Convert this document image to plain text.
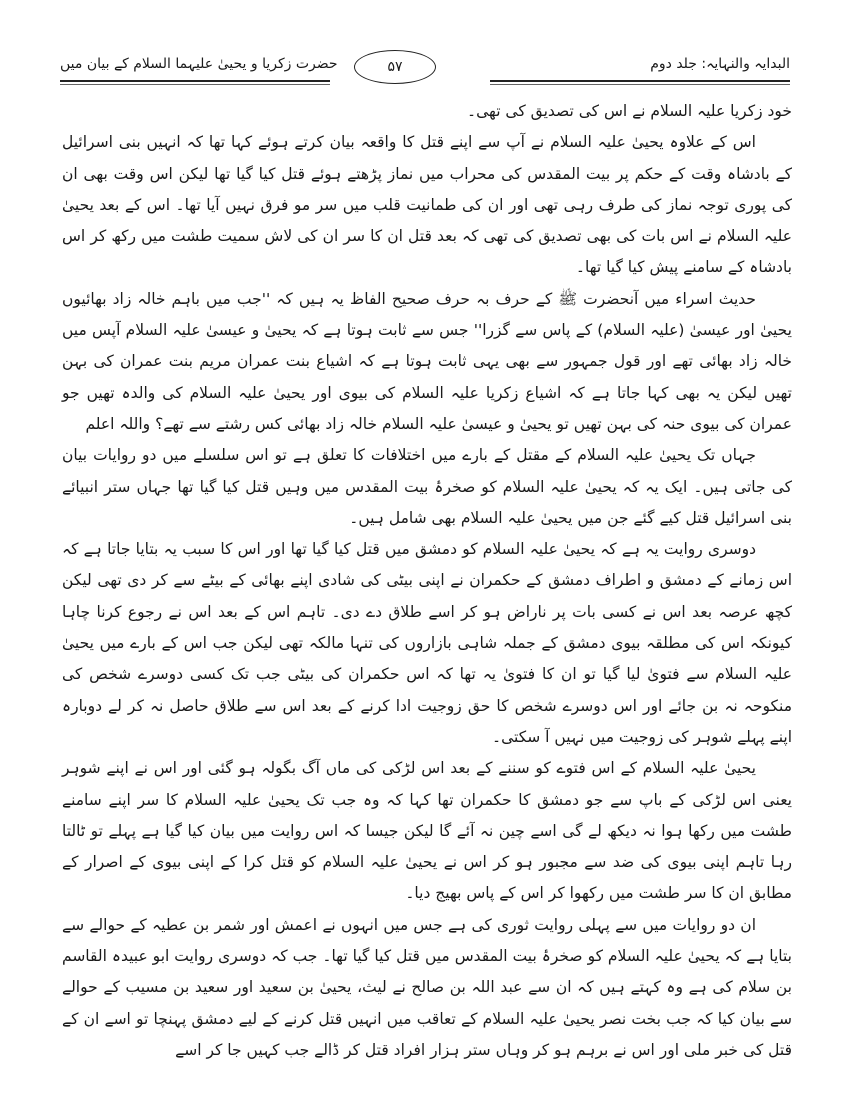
البدایہ والنہایہ: جلد دوم
حضرت زکریا و یحییٰ علیہما السلام کے بیان میں	۵۷

خود زکریا علیہ السلام نے اس کی تصدیق کی تھی۔

اس کے علاوہ یحییٰ علیہ السلام نے آپ سے اپنے قتل کا واقعہ بیان کرتے ہوئے کہا تھا کہ انہیں بنی اسرائیل کے بادشاہ وقت کے حکم پر بیت المقدس کی محراب میں نماز پڑھتے ہوئے قتل کیا گیا تھا لیکن اس وقت بھی ان کی پوری توجہ نماز کی طرف رہی تھی اور ان کی طمانیت قلب میں سر مو فرق نہیں آیا تھا۔ اس کے بعد یحییٰ علیہ السلام نے اس بات کی بھی تصدیق کی تھی کہ بعد قتل ان کا سر ان کی لاش سمیت طشت میں رکھ کر اس بادشاہ کے سامنے پیش کیا گیا تھا۔

حدیث اسراء میں آنحضرت ﷺ کے حرف بہ حرف صحیح الفاظ یہ ہیں کہ ''جب میں باہم خالہ زاد بھائیوں یحییٰ اور عیسیٰ (علیہ السلام) کے پاس سے گزرا'' جس سے ثابت ہوتا ہے کہ یحییٰ و عیسیٰ علیہ السلام آپس میں خالہ زاد بھائی تھے اور قول جمہور سے بھی یہی ثابت ہوتا ہے کہ اشیاع بنت عمران مریم بنت عمران کی بہن تھیں لیکن یہ بھی کہا جاتا ہے کہ اشیاع زکریا علیہ السلام کی بیوی اور یحییٰ علیہ السلام کی والدہ تھیں جو عمران کی بیوی حنہ کی بہن تھیں تو یحییٰ و عیسیٰ علیہ السلام خالہ زاد بھائی کس رشتے سے تھے؟ واللہ اعلم

جہاں تک یحییٰ علیہ السلام کے مقتل کے بارے میں اختلافات کا تعلق ہے تو اس سلسلے میں دو روایات بیان کی جاتی ہیں۔ ایک یہ کہ یحییٰ علیہ السلام کو صخرۂ بیت المقدس میں وہیں قتل کیا گیا تھا جہاں ستر انبیائے بنی اسرائیل قتل کیے گئے جن میں یحییٰ علیہ السلام بھی شامل ہیں۔

دوسری روایت یہ ہے کہ یحییٰ علیہ السلام کو دمشق میں قتل کیا گیا تھا اور اس کا سبب یہ بتایا جاتا ہے کہ اس زمانے کے دمشق و اطراف دمشق کے حکمران نے اپنی بیٹی کی شادی اپنے بھائی کے بیٹے سے کر دی تھی لیکن کچھ عرصہ بعد اس نے کسی بات پر ناراض ہو کر اسے طلاق دے دی۔ تاہم اس کے بعد اس نے رجوع کرنا چاہا کیونکہ اس کی مطلقہ بیوی دمشق کے جملہ شاہی بازاروں کی تنہا مالکہ تھی لیکن جب اس کے بارے میں یحییٰ علیہ السلام سے فتویٰ لیا گیا تو ان کا فتویٰ یہ تھا کہ اس حکمران کی بیٹی جب تک کسی دوسرے شخص کی منکوحہ نہ بن جائے اور اس دوسرے شخص کا حق زوجیت ادا کرنے کے بعد اس سے طلاق حاصل نہ کر لے دوبارہ اپنے پہلے شوہر کی زوجیت میں نہیں آ سکتی۔

یحییٰ علیہ السلام کے اس فتوے کو سننے کے بعد اس لڑکی کی ماں آگ بگولہ ہو گئی اور اس نے اپنے شوہر یعنی اس لڑکی کے باپ سے جو دمشق کا حکمران تھا کہا کہ وہ جب تک یحییٰ علیہ السلام کا سر اپنے سامنے طشت میں رکھا ہوا نہ دیکھ لے گی اسے چین نہ آئے گا لیکن جیسا کہ اس روایت میں بیان کیا گیا ہے پہلے تو ٹالتا رہا تاہم اپنی بیوی کی ضد سے مجبور ہو کر اس نے یحییٰ علیہ السلام کو قتل کرا کے اپنی بیوی کے اصرار کے مطابق ان کا سر طشت میں رکھوا کر اس کے پاس بھیج دیا۔

ان دو روایات میں سے پہلی روایت ثوری کی ہے جس میں انہوں نے اعمش اور شمر بن عطیہ کے حوالے سے بتایا ہے کہ یحییٰ علیہ السلام کو صخرۂ بیت المقدس میں قتل کیا گیا تھا۔ جب کہ دوسری روایت ابو عبیدہ القاسم بن سلام کی ہے وہ کہتے ہیں کہ ان سے عبد اللہ بن صالح نے لیث، یحییٰ بن سعید اور سعید بن مسیب کے حوالے سے بیان کیا کہ جب بخت نصر یحییٰ علیہ السلام کے تعاقب میں انہیں قتل کرنے کے لیے دمشق پہنچا تو اسے ان کے قتل کی خبر ملی اور اس نے برہم ہو کر وہاں ستر ہزار افراد قتل کر ڈالے جب کہیں جا کر اسے
